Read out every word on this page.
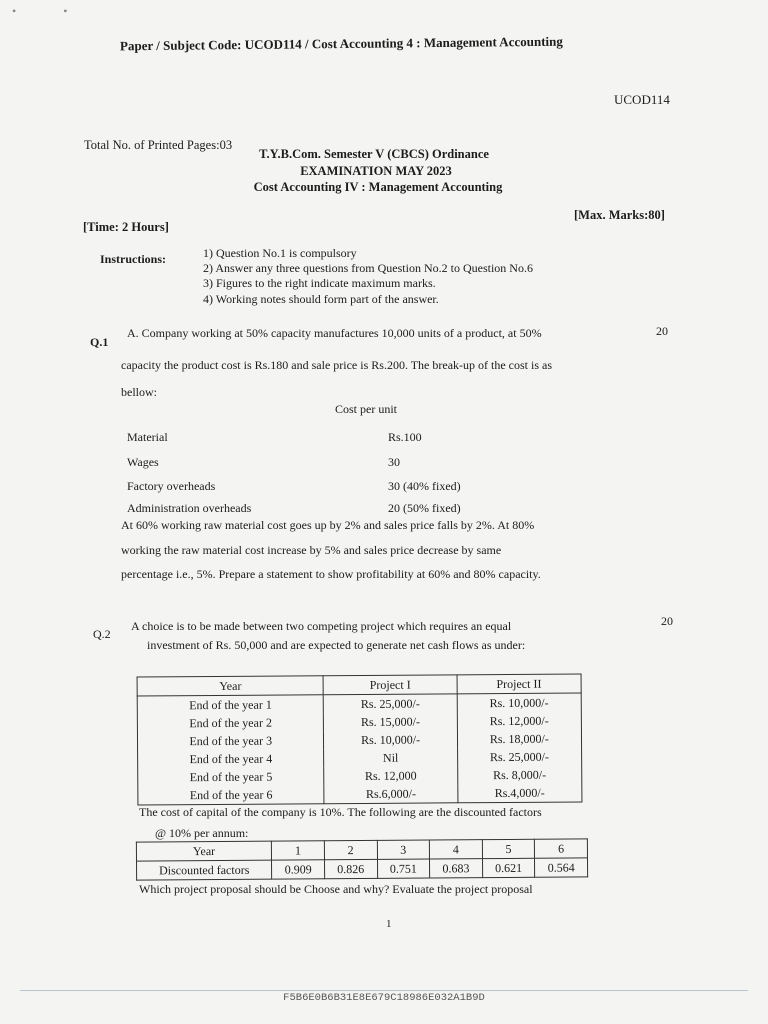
• •
Paper / Subject Code: UCOD114 / Cost Accounting 4 : Management Accounting
UCOD114
Total No. of Printed Pages:03
T.Y.B.Com. Semester V (CBCS) Ordinance
EXAMINATION MAY 2023
Cost Accounting IV : Management Accounting
[Time: 2 Hours]
[Max. Marks:80]
Instructions:	1) Question No.1 is compulsory
2) Answer any three questions from Question No.2 to Question No.6
3) Figures to the right indicate maximum marks.
4) Working notes should form part of the answer.
Q.1
A. Company working at 50% capacity manufactures 10,000 units of a product, at 50%	20
capacity the product cost is Rs.180 and sale price is Rs.200. The break-up of the cost is as
bellow:
Cost per unit
Material	Rs.100
Wages	30
Factory overheads	30 (40% fixed)
Administration overheads	20 (50% fixed)
At 60% working raw material cost goes up by 2% and sales price falls by 2%. At 80%
working the raw material cost increase by 5% and sales price decrease by same
percentage i.e., 5%. Prepare a statement to show profitability at 60% and 80% capacity.
Q.2
A choice is to be made between two competing project which requires an equal	20
investment of Rs. 50,000 and are expected to generate net cash flows as under:
Year	Project I	Project II
End of the year 1	Rs. 25,000/-	Rs. 10,000/-
End of the year 2	Rs. 15,000/-	Rs. 12,000/-
End of the year 3	Rs. 10,000/-	Rs. 18,000/-
End of the year 4	Nil	Rs. 25,000/-
End of the year 5	Rs. 12,000	Rs. 8,000/-
End of the year 6	Rs.6,000/-	Rs.4,000/-
The cost of capital of the company is 10%. The following are the discounted factors
@ 10% per annum:
Year	1	2	3	4	5	6
Discounted factors	0.909	0.826	0.751	0.683	0.621	0.564
Which project proposal should be Choose and why? Evaluate the project proposal
1
F5B6E0B6B31E8E679C18986E032A1B9D
